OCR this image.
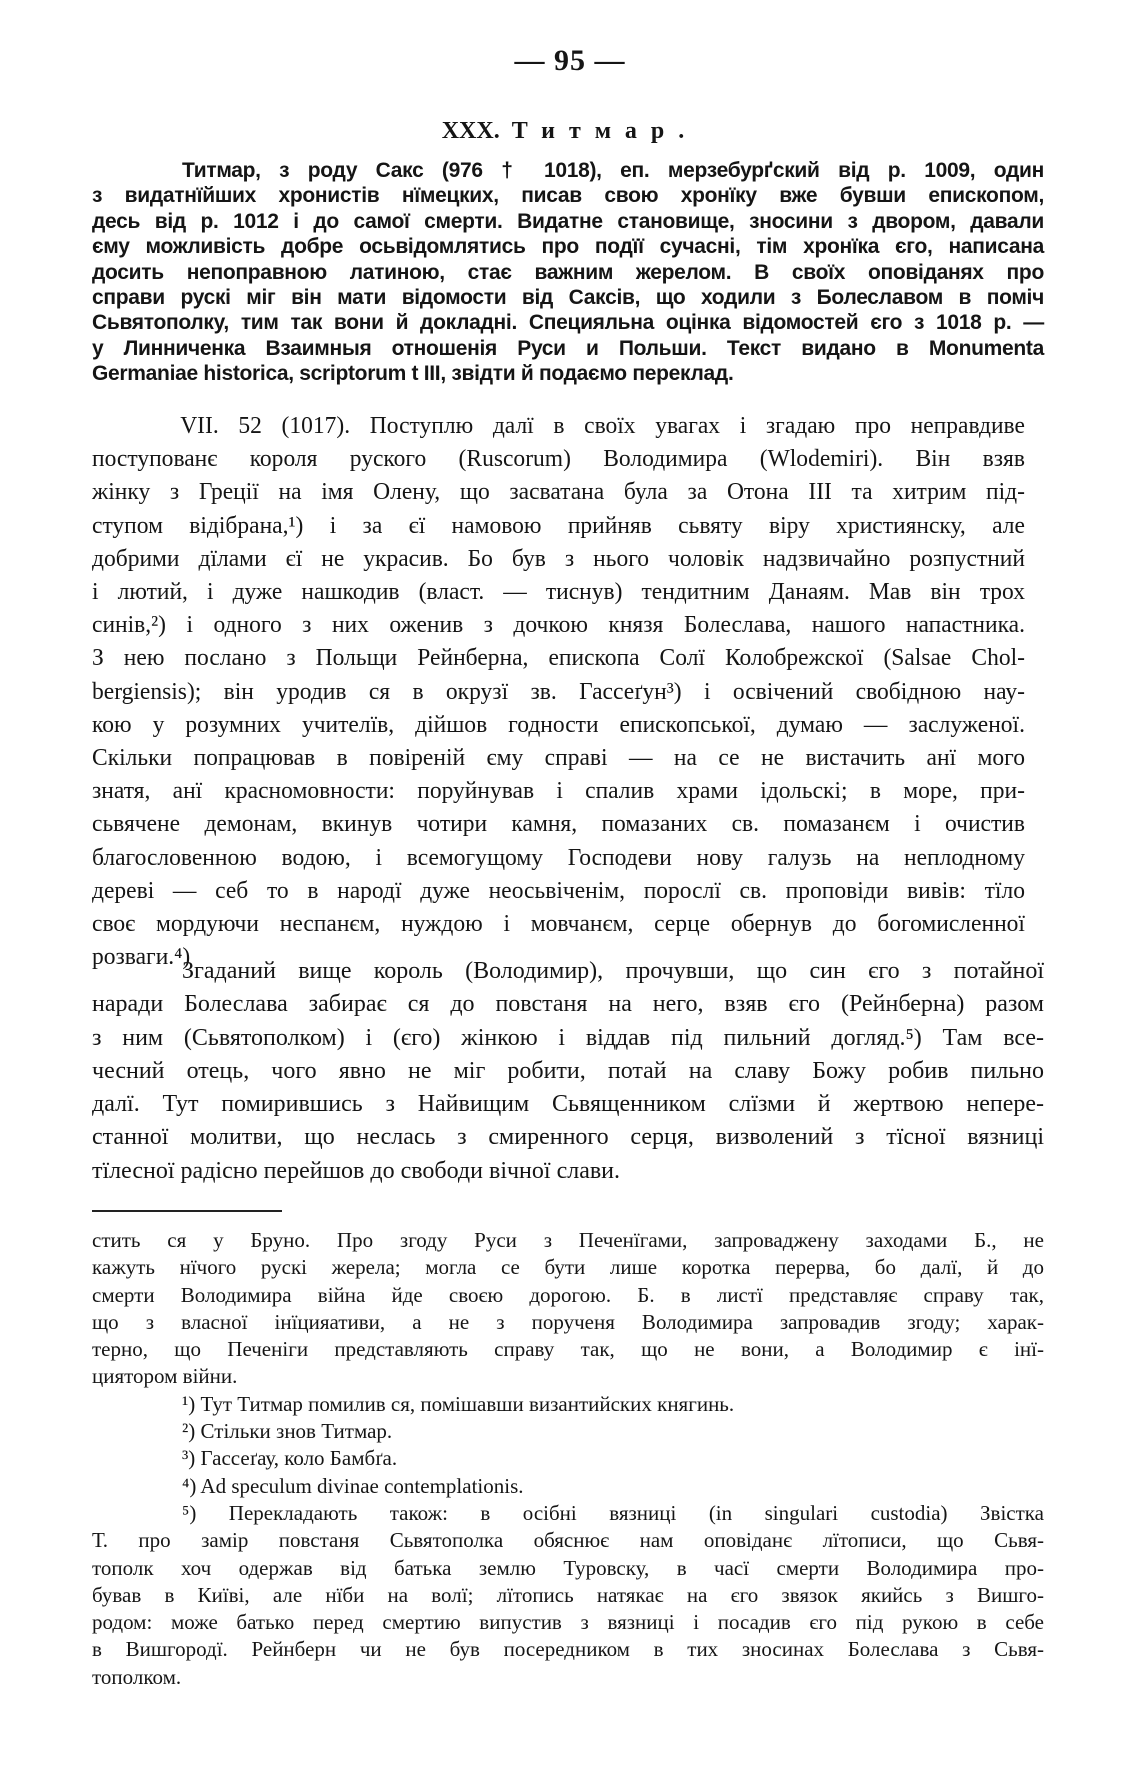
— 95 —
XXX. Титмар.
Титмар, з роду Сакс (976 † 1018), еп. мерзебурґский від р. 1009, один
з видатнїйших хронистів нїмецких, писав свою хронїку вже бувши епископом,
десь від р. 1012 і до самої смерти. Видатне становище, зносини з двором, давали
єму можливість добре осьвідомлятись про подїї сучасні, тім хронїка єго, написана
досить непоправною латиною, стає важним жерелом. В своїх оповіданях про
справи рускі міг він мати відомости від Саксів, що ходили з Болеславом в поміч
Сьвятополку, тим так вони й докладні. Специяльна оцінка відомостей єго з 1018 р. —
у Линниченка Взаимныя отношенія Руси и Польши. Текст видано в Monumenta
Germaniae historica, scriptorum t III, звідти й подаємо переклад.
VII. 52 (1017). Поступлю далї в своїх увагах і згадаю про неправдиве
поступованє короля руского (Ruscorum) Володимира (Wlodemiri). Він взяв
жінку з Греції на імя Олену, що засватана була за Отона III та хитрим під-
ступом відібрана,¹) і за єї намовою прийняв сьвяту віру християнску, але
добрими дїлами єї не украсив. Бо був з нього чоловік надзвичайно розпустний
і лютий, і дуже нашкодив (власт. — тиснув) тендитним Данаям. Мав він трох
синів,²) і одного з них оженив з дочкою князя Болеслава, нашого напастника.
З нею послано з Польщи Рейнберна, епископа Солї Колобрежскої (Salsae Chol-
bergiensis); він уродив ся в окрузї зв. Гассеґун³) і освічений свобідною нау-
кою у розумних учителїв, дійшов годности епископської, думаю — заслуженої.
Скільки попрацював в повіреній єму справі — на се не вистачить анї мого
знатя, анї красномовности: поруйнував і спалив храми ідольскі; в море, при-
сьвячене демонам, вкинув чотири камня, помазаних св. помазанєм і очистив
благословенною водою, і всемогущому Господеви нову галузь на неплодному
дереві — себ то в народї дуже неосьвіченім, порослї св. проповіди вивів: тїло
своє мордуючи неспанєм, нуждою і мовчанєм, серце обернув до богомисленної
розваги.⁴)
Згаданий вище король (Володимир), прочувши, що син єго з потайної
наради Болеслава забирає ся до повстаня на него, взяв єго (Рейнберна) разом
з ним (Сьвятополком) і (єго) жінкою і віддав під пильний догляд.⁵) Там все-
чесний отець, чого явно не міг робити, потай на славу Божу робив пильно
далї. Тут помирившись з Найвищим Сьвященником слїзми й жертвою непере-
станної молитви, що неслась з смиренного серця, визволений з тїсної вязниці
тїлесної радісно перейшов до свободи вічної слави.
стить ся у Бруно. Про згоду Руси з Печенїгами, запроваджену заходами Б., не
кажуть нїчого рускі жерела; могла се бути лише коротка перерва, бо далї, й до
смерти Володимира війна йде своєю дорогою. Б. в листї представляє справу так,
що з власної інїцияативи, а не з порученя Володимира запровадив згоду; харак-
терно, що Печеніги представляють справу так, що не вони, а Володимир є інї-
циятором війни.
¹) Тут Титмар помилив ся, помішавши византийских княгинь.
²) Стільки знов Титмар.
³) Гассеґау, коло Бамбґа.
⁴) Ad speculum divinae contemplationis.
⁵) Перекладають також: в осібні вязниці (in singulari custodia) Звістка
Т. про замір повстаня Сьвятополка обяснює нам оповіданє лїтописи, що Сьвя-
тополк хоч одержав від батька землю Туровску, в часї смерти Володимира про-
бував в Київі, але нїби на волї; лїтопись натякає на єго звязок якийсь з Вишго-
родом: може батько перед смертию випустив з вязниці і посадив єго під рукою в себе
в Вишгородї. Рейнберн чи не був посередником в тих зносинах Болеслава з Сьвя-
тополком.
